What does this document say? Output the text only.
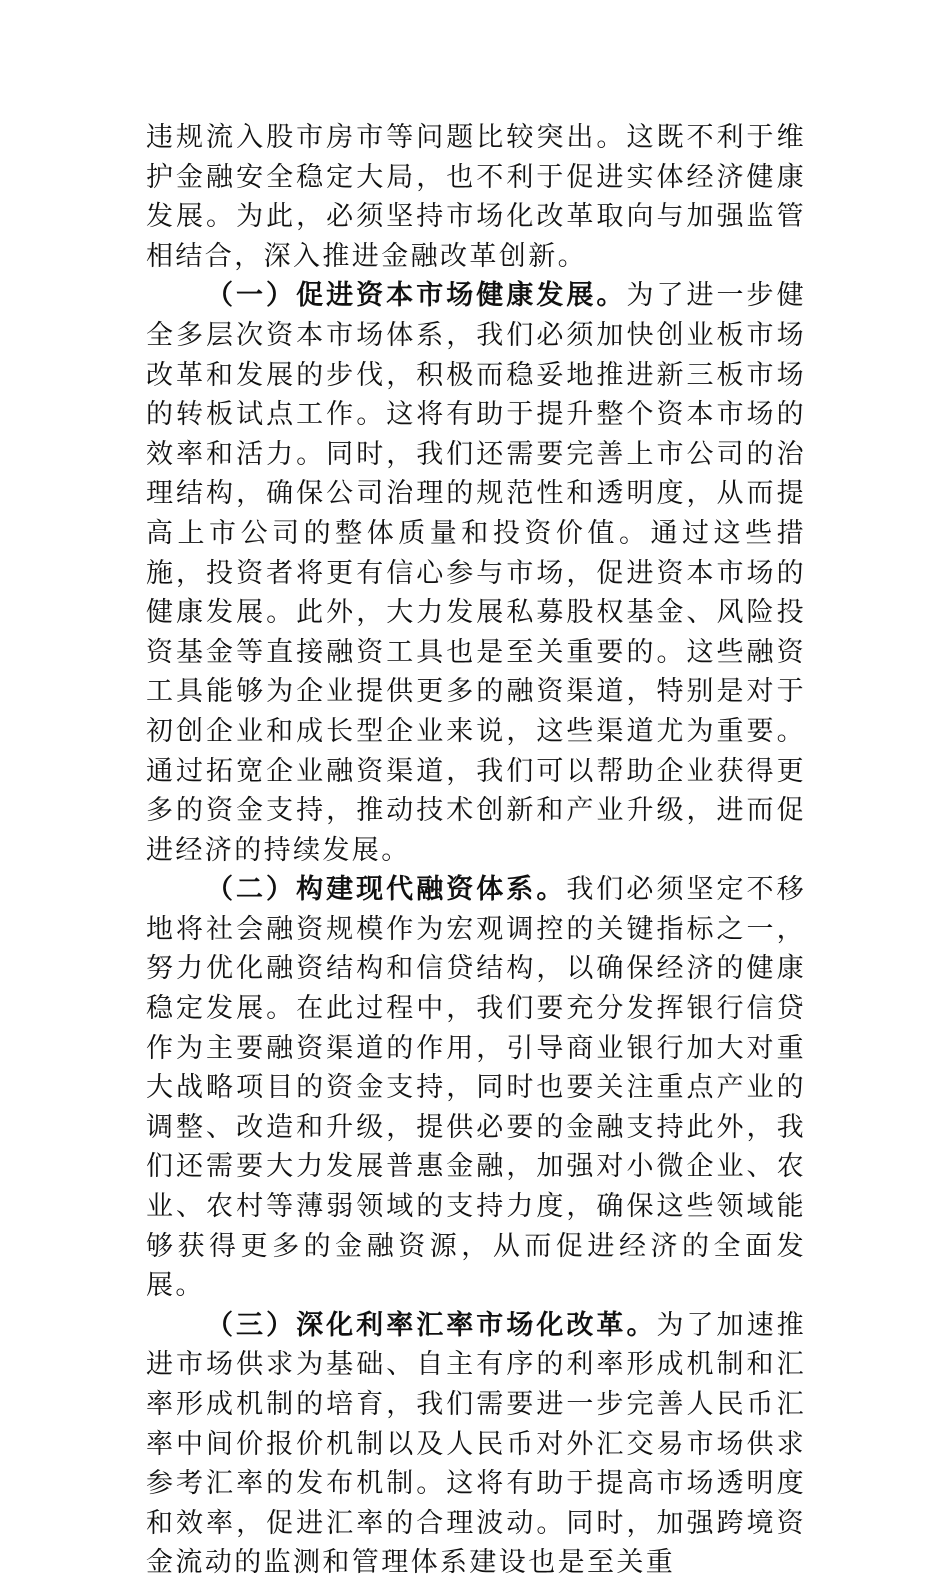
违规流入股市房市等问题比较突出。这既不利于维护金融安全稳定大局，也不利于促进实体经济健康发展。为此，必须坚持市场化改革取向与加强监管相结合，深入推进金融改革创新。

（一）促进资本市场健康发展。为了进一步健全多层次资本市场体系，我们必须加快创业板市场改革和发展的步伐，积极而稳妥地推进新三板市场的转板试点工作。这将有助于提升整个资本市场的效率和活力。同时，我们还需要完善上市公司的治理结构，确保公司治理的规范性和透明度，从而提高上市公司的整体质量和投资价值。通过这些措施，投资者将更有信心参与市场，促进资本市场的健康发展。此外，大力发展私募股权基金、风险投资基金等直接融资工具也是至关重要的。这些融资工具能够为企业提供更多的融资渠道，特别是对于初创企业和成长型企业来说，这些渠道尤为重要。通过拓宽企业融资渠道，我们可以帮助企业获得更多的资金支持，推动技术创新和产业升级，进而促进经济的持续发展。

（二）构建现代融资体系。我们必须坚定不移地将社会融资规模作为宏观调控的关键指标之一，努力优化融资结构和信贷结构，以确保经济的健康稳定发展。在此过程中，我们要充分发挥银行信贷作为主要融资渠道的作用，引导商业银行加大对重大战略项目的资金支持，同时也要关注重点产业的调整、改造和升级，提供必要的金融支持此外，我们还需要大力发展普惠金融，加强对小微企业、农业、农村等薄弱领域的支持力度，确保这些领域能够获得更多的金融资源，从而促进经济的全面发展。

（三）深化利率汇率市场化改革。为了加速推进市场供求为基础、自主有序的利率形成机制和汇率形成机制的培育，我们需要进一步完善人民币汇率中间价报价机制以及人民币对外汇交易市场供求参考汇率的发布机制。这将有助于提高市场透明度和效率，促进汇率的合理波动。同时，加强跨境资金流动的监测和管理体系建设也是至关重
